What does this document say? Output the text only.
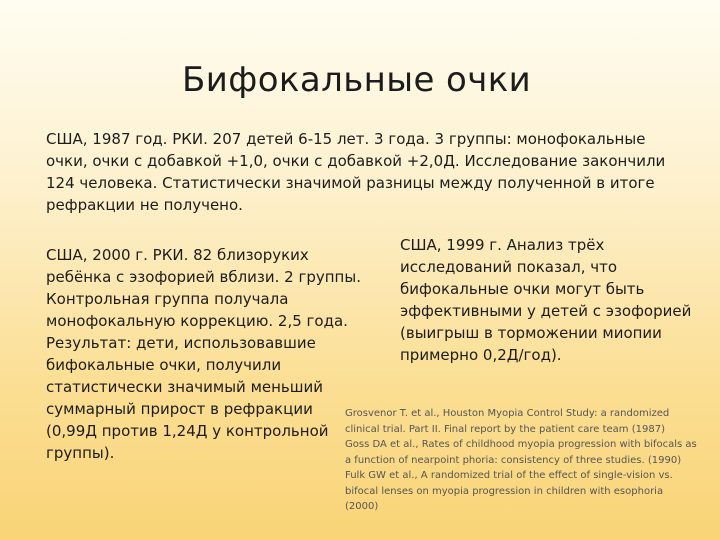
Бифокальные очки

США, 1987 год. РКИ. 207 детей 6-15 лет. 3 года. 3 группы: монофокальные очки, очки с добавкой +1,0, очки с добавкой +2,0Д. Исследование закончили 124 человека. Статистически значимой разницы между полученной в итоге рефракции не получено.

США, 2000 г. РКИ. 82 близоруких ребёнка с эзофорией вблизи. 2 группы. Контрольная группа получала монофокальную коррекцию. 2,5 года. Результат: дети, использовавшие бифокальные очки, получили статистически значимый меньший суммарный прирост в рефракции (0,99Д против 1,24Д у контрольной группы).

США, 1999 г. Анализ трёх исследований показал, что бифокальные очки могут быть эффективными у детей с эзофорией (выигрыш в торможении миопии примерно 0,2Д/год).

Grosvenor T. et al., Houston Myopia Control Study: a randomized clinical trial. Part II. Final report by the patient care team (1987)
Goss DA et al., Rates of childhood myopia progression with bifocals as a function of nearpoint phoria: consistency of three studies. (1990)
Fulk GW et al., A randomized trial of the effect of single-vision vs. bifocal lenses on myopia progression in children with esophoria (2000)
